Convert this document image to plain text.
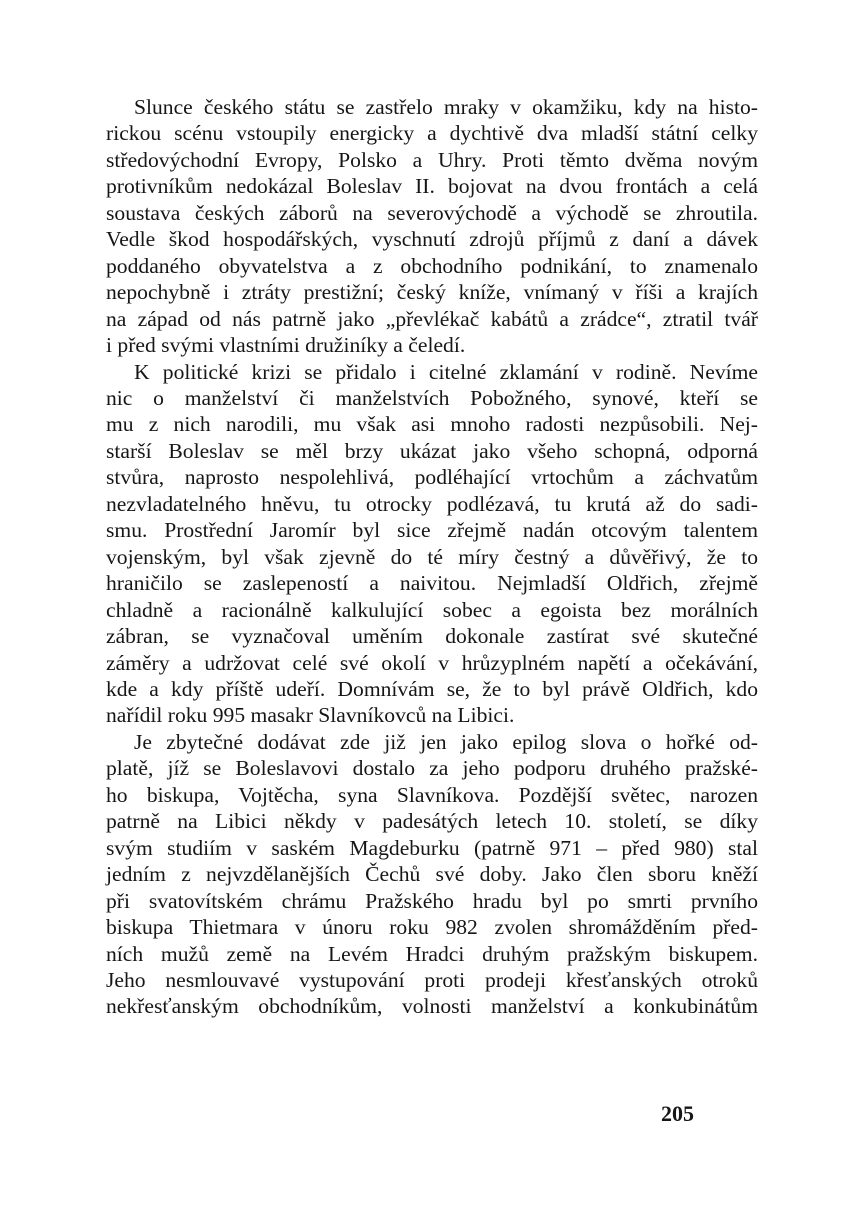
Slunce českého státu se zastřelo mraky v okamžiku, kdy na histo-
rickou scénu vstoupily energicky a dychtivě dva mladší státní celky
středovýchodní Evropy, Polsko a Uhry. Proti těmto dvěma novým
protivníkům nedokázal Boleslav II. bojovat na dvou frontách a celá
soustava českých záborů na severovýchodě a východě se zhroutila.
Vedle škod hospodářských, vyschnutí zdrojů příjmů z daní a dávek
poddaného obyvatelstva a z obchodního podnikání, to znamenalo
nepochybně i ztráty prestižní; český kníže, vnímaný v říši a krajích
na západ od nás patrně jako „převlékač kabátů a zrádce“, ztratil tvář
i před svými vlastními družiníky a čeledí.

K politické krizi se přidalo i citelné zklamání v rodině. Nevíme
nic o manželství či manželstvích Pobožného, synové, kteří se
mu z nich narodili, mu však asi mnoho radosti nezpůsobili. Nej-
starší Boleslav se měl brzy ukázat jako všeho schopná, odporná
stvůra, naprosto nespolehlivá, podléhající vrtochům a záchvatům
nezvladatelného hněvu, tu otrocky podlézavá, tu krutá až do sadi-
smu. Prostřední Jaromír byl sice zřejmě nadán otcovým talentem
vojenským, byl však zjevně do té míry čestný a důvěřivý, že to
hraničilo se zaslepeností a naivitou. Nejmladší Oldřich, zřejmě
chladně a racionálně kalkulující sobec a egoista bez morálních
zábran, se vyznačoval uměním dokonale zastírat své skutečné
záměry a udržovat celé své okolí v hrůzyplném napětí a očekávání,
kde a kdy příště udeří. Domnívám se, že to byl právě Oldřich, kdo
nařídil roku 995 masakr Slavníkovců na Libici.

Je zbytečné dodávat zde již jen jako epilog slova o hořké od-
platě, jíž se Boleslavovi dostalo za jeho podporu druhého pražské-
ho biskupa, Vojtěcha, syna Slavníkova. Pozdější světec, narozen
patrně na Libici někdy v padesátých letech 10. století, se díky
svým studiím v saském Magdeburku (patrně 971 – před 980) stal
jedním z nejvzdělanějších Čechů své doby. Jako člen sboru kněží
při svatovítském chrámu Pražského hradu byl po smrti prvního
biskupa Thietmara v únoru roku 982 zvolen shromážděním před-
ních mužů země na Levém Hradci druhým pražským biskupem.
Jeho nesmlouvavé vystupování proti prodeji křesťanských otroků
nekřesťanským obchodníkům, volnosti manželství a konkubinátům

205
